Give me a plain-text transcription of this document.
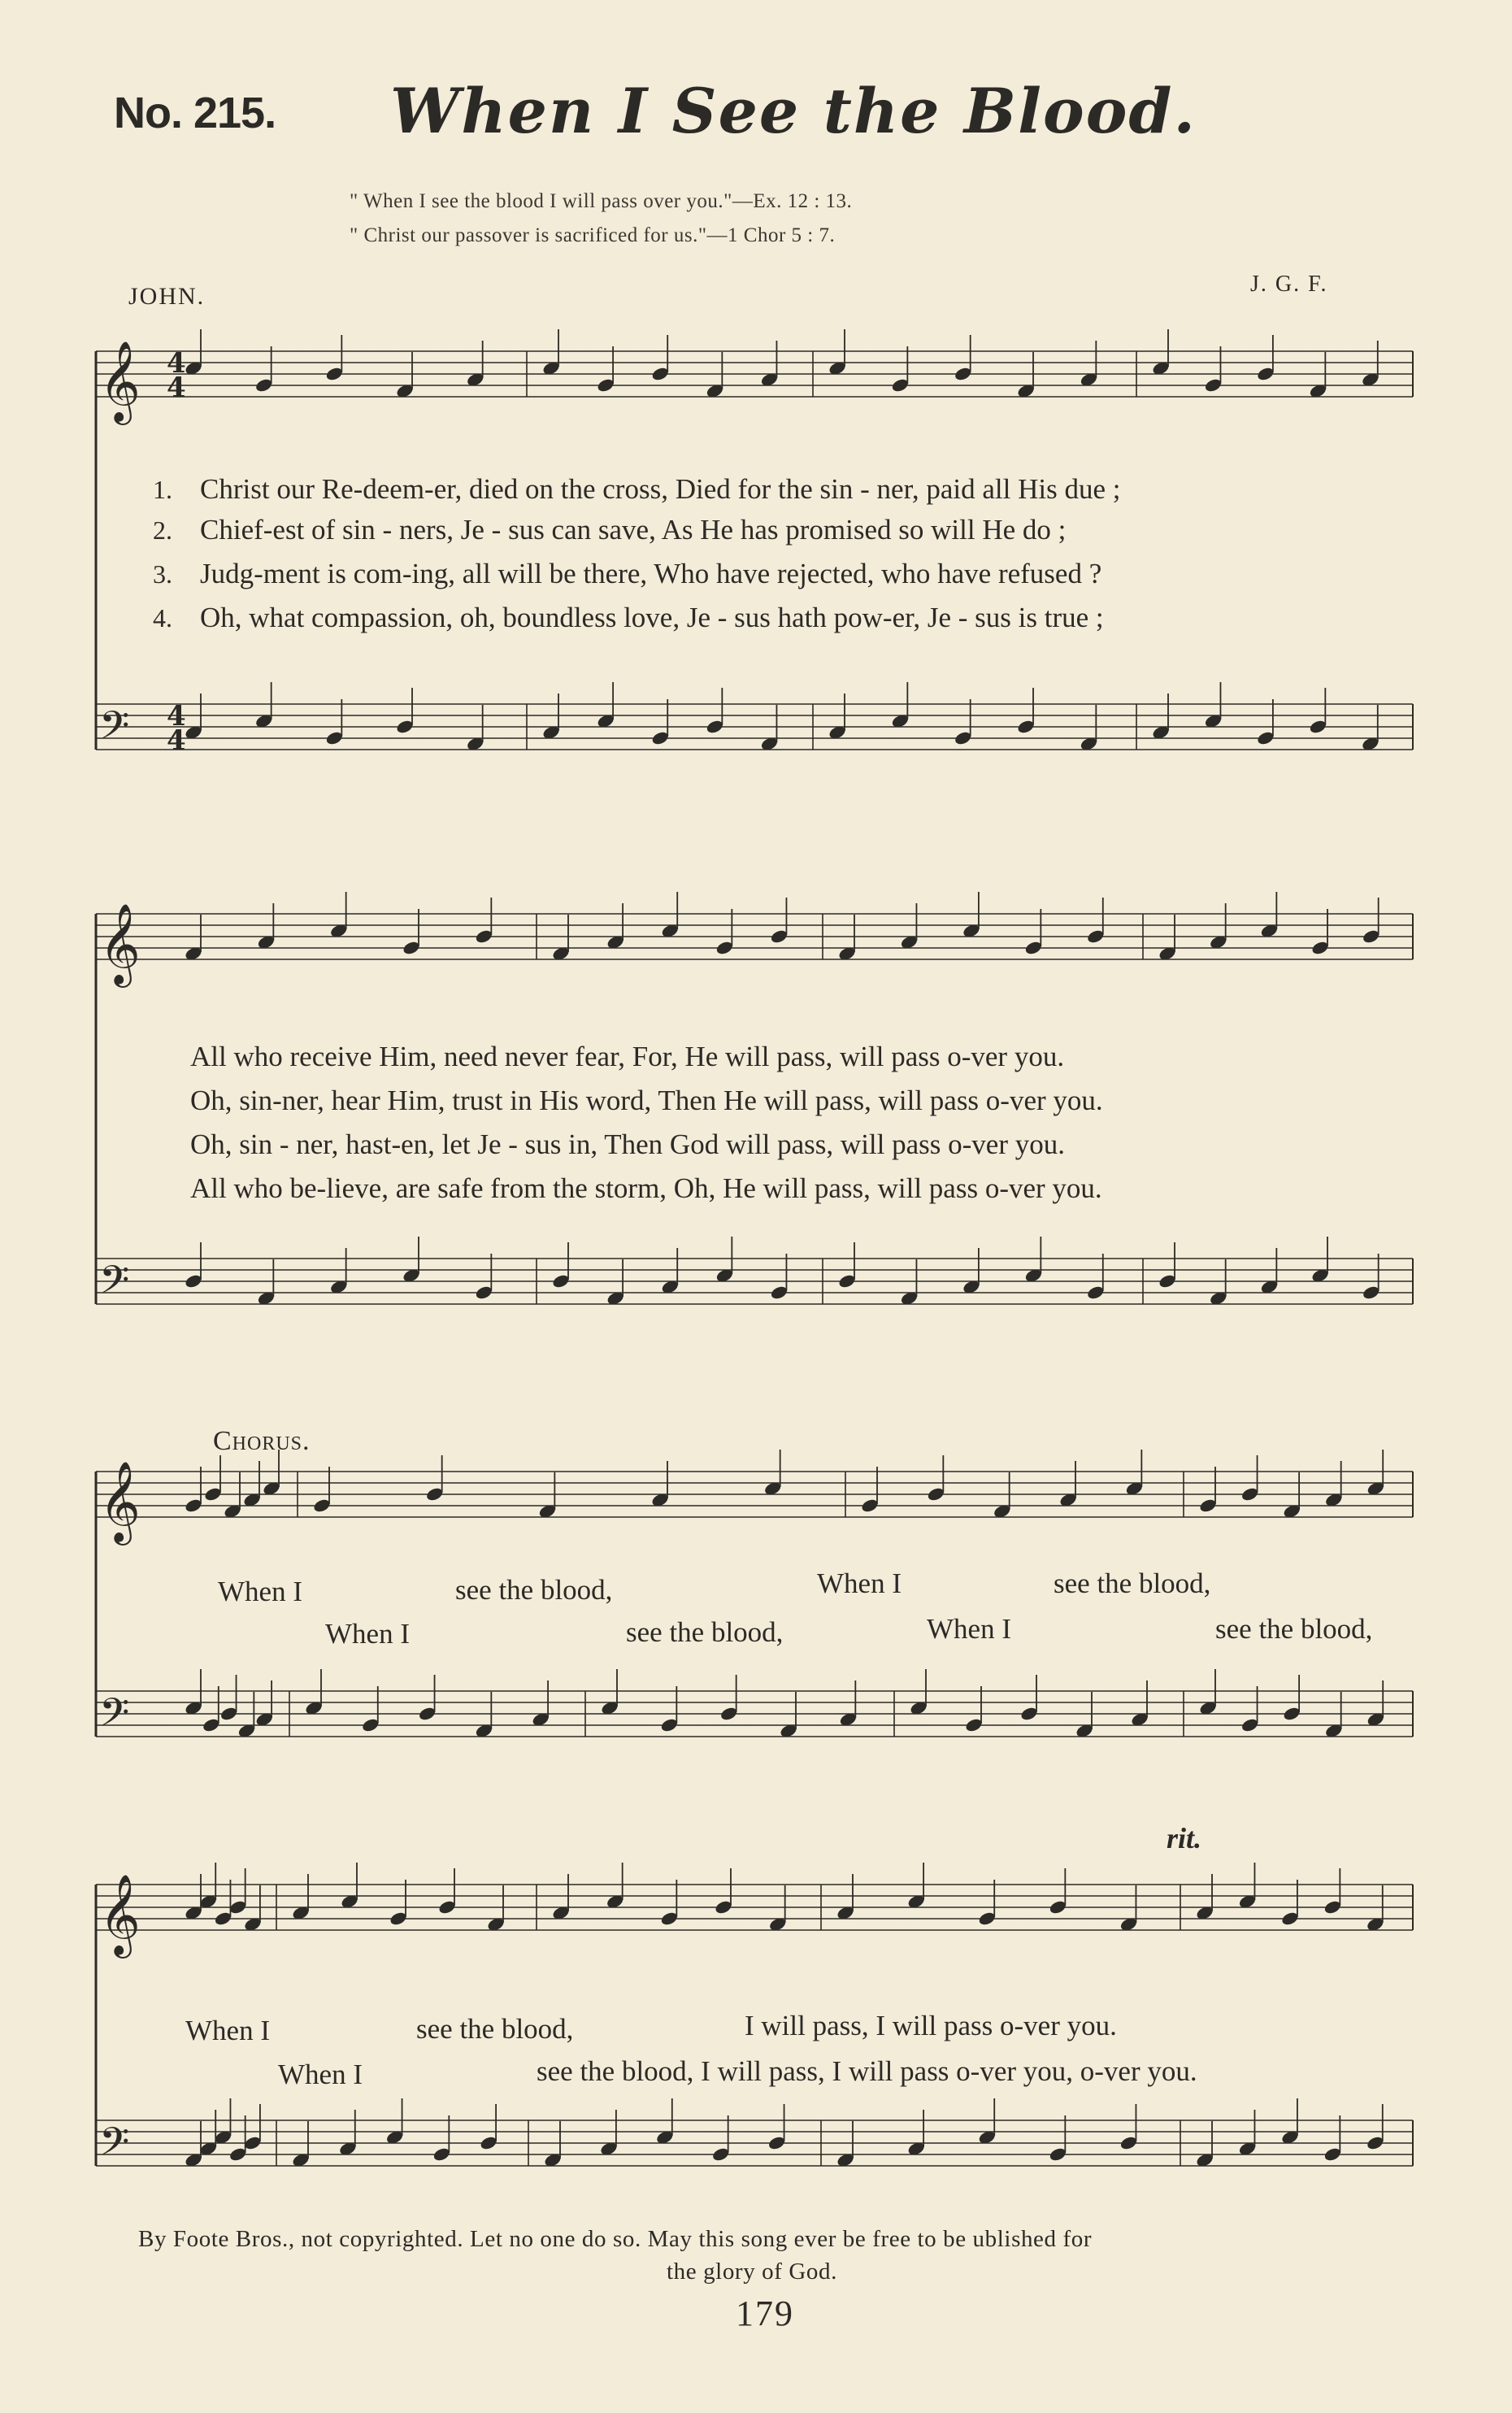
No. 215. When I See the Blood.
" When I see the blood I will pass over you."—Ex. 12 : 13.
" Christ our passover is sacrificed for us."—1 Chor 5 : 7.
JOHN.	J. G. F.
𝄞
𝄢
𝄞
𝄢
𝄞
𝄢
𝄞
𝄢
4
4
4
4
1. Christ our Re-deem-er, died on the cross, Died for the sin - ner, paid all His due ;
2. Chief-est of sin - ners, Je - sus can save, As He has promised so will He do ;
3. Judg-ment is com-ing, all will be there, Who have rejected, who have refused ?
4. Oh, what compassion, oh, boundless love, Je - sus hath pow-er, Je - sus is true ;
All who receive Him, need never fear, For, He will pass, will pass o-ver you.
Oh, sin-ner, hear Him, trust in His word, Then He will pass, will pass o-ver you.
Oh, sin - ner, hast-en, let Je - sus in, Then God will pass, will pass o-ver you.
All who be-lieve, are safe from the storm, Oh, He will pass, will pass o-ver you.
Chorus.
When I	see the blood,	When I	see the blood,
When I	see the blood,	When I	see the blood,
rit.
When I	see the blood,	I will pass, I will pass o-ver you.
When I	see the blood, I will pass, I will pass o-ver you, o-ver you.
By Foote Bros., not copyrighted. Let no one do so. May this song ever be free to be ublished for
the glory of God.
179
